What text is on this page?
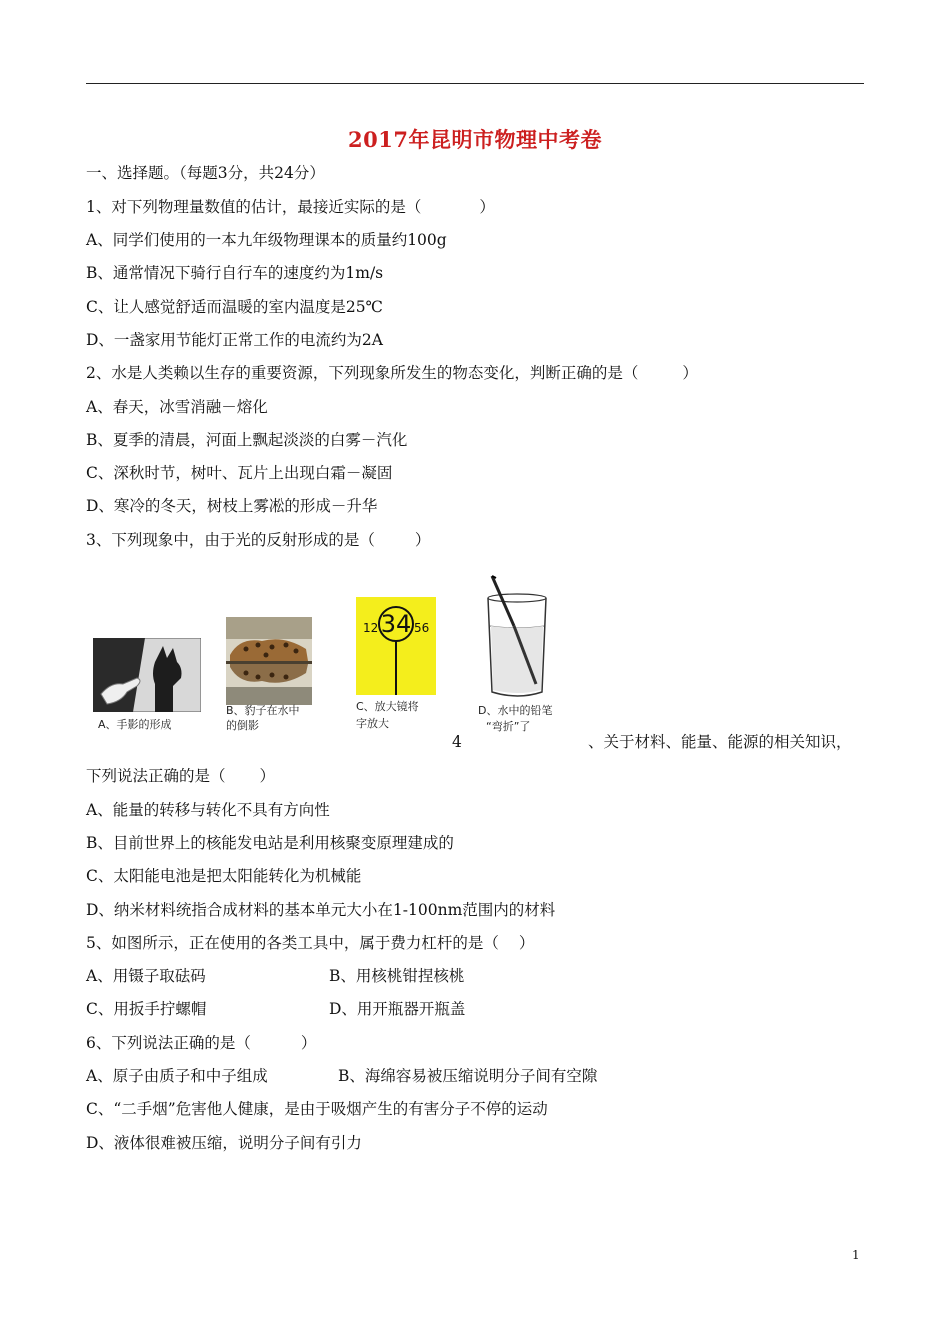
2017年昆明市物理中考卷
一、选择题。（每题3分，共24分）
1、对下列物理量数值的估计，最接近实际的是（	）
A、同学们使用的一本九年级物理课本的质量约100g
B、通常情况下骑行自行车的速度约为1m/s
C、让人感觉舒适而温暖的室内温度是25℃
D、一盏家用节能灯正常工作的电流约为2A
2、水是人类赖以生存的重要资源，下列现象所发生的物态变化，判断正确的是（	）
A、春天，冰雪消融－熔化
B、夏季的清晨，河面上飘起淡淡的白雾－汽化
C、深秋时节，树叶、瓦片上出现白霜－凝固
D、寒冷的冬天，树枝上雾凇的形成－升华
3、下列现象中，由于光的反射形成的是（	）
A、手影的形成
B、豹子在水中
的倒影
12 34 56
C、放大镜将
字放大
D、水中的铅笔
“弯折”了
4	、关于材料、能量、能源的相关知识，
下列说法正确的是（ ）
A、能量的转移与转化不具有方向性
B、目前世界上的核能发电站是利用核聚变原理建成的
C、太阳能电池是把太阳能转化为机械能
D、纳米材料统指合成材料的基本单元大小在1-100nm范围内的材料
5、如图所示，正在使用的各类工具中，属于费力杠杆的是（ ）
A、用镊子取砝码	B、用核桃钳捏核桃
C、用扳手拧螺帽	D、用开瓶器开瓶盖
6、下列说法正确的是（	）
A、原子由质子和中子组成	B、海绵容易被压缩说明分子间有空隙
C、“二手烟”危害他人健康，是由于吸烟产生的有害分子不停的运动
D、液体很难被压缩，说明分子间有引力
1
